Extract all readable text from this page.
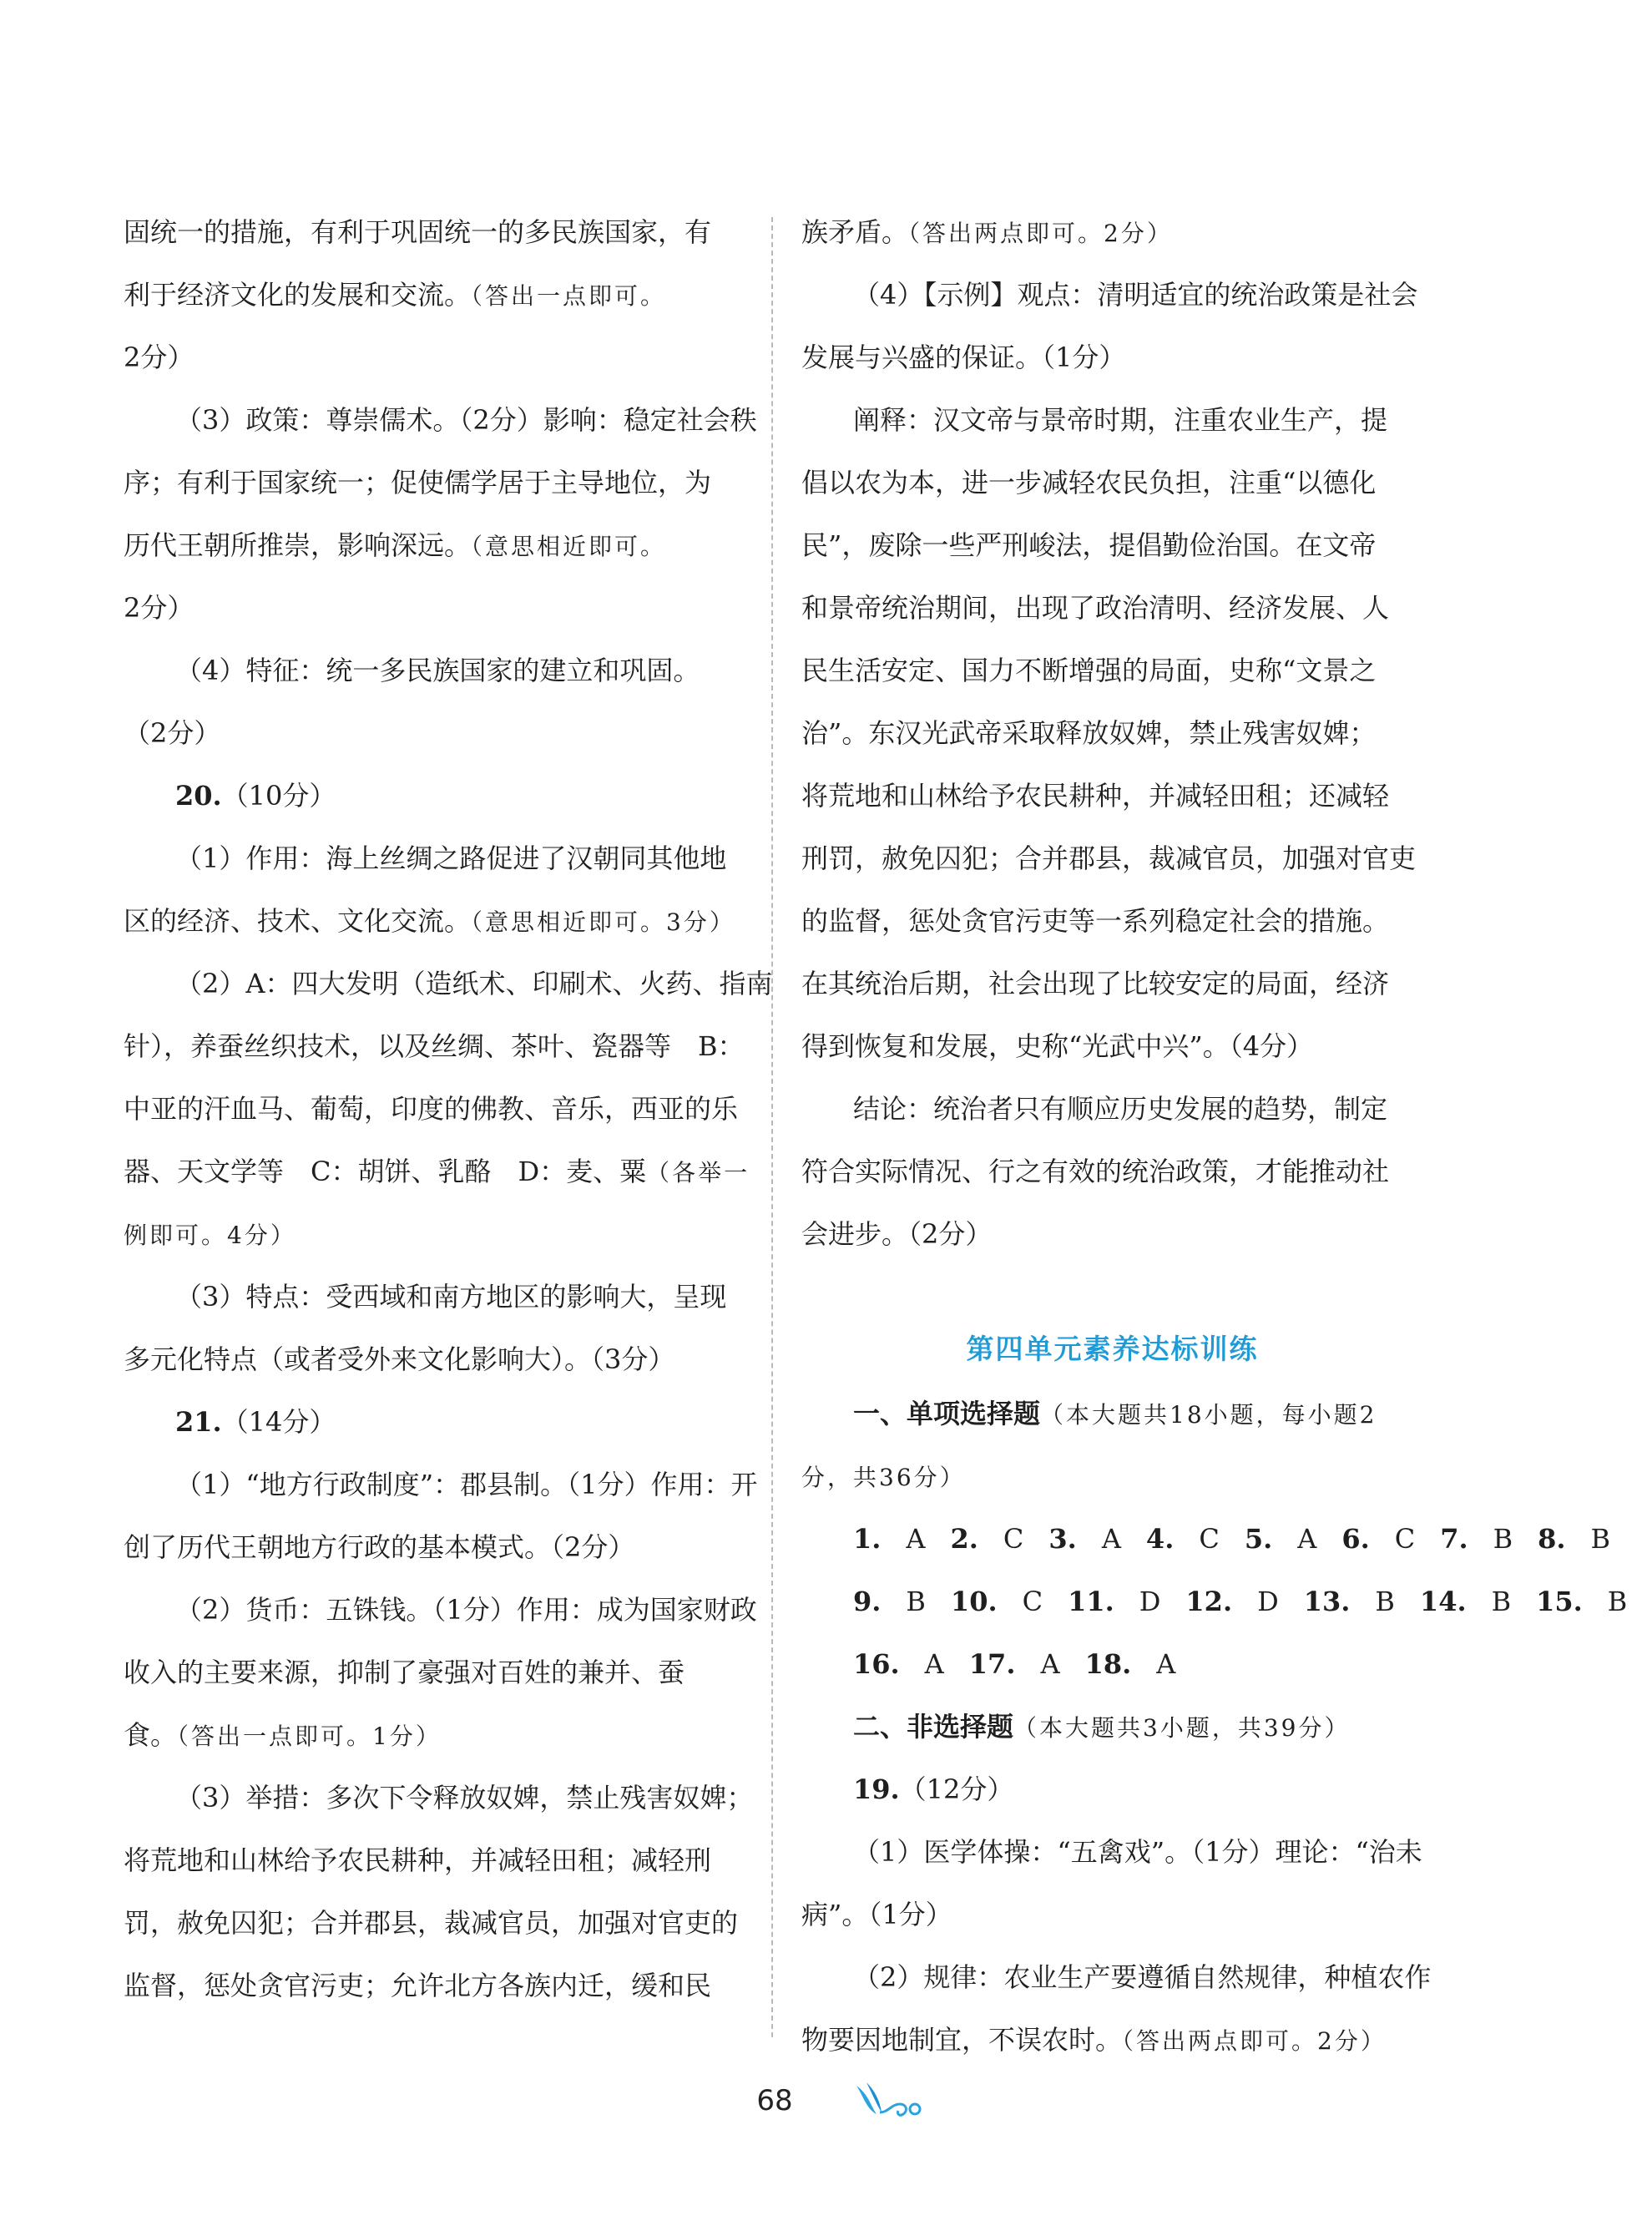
固统一的措施，有利于巩固统一的多民族国家，有
利于经济文化的发展和交流。（答出一点即可。
2分）
（3）政策：尊崇儒术。（2分）影响：稳定社会秩
序；有利于国家统一；促使儒学居于主导地位，为
历代王朝所推崇，影响深远。（意思相近即可。
2分）
（4）特征：统一多民族国家的建立和巩固。
（2分）
20.（10分）
（1）作用：海上丝绸之路促进了汉朝同其他地
区的经济、技术、文化交流。（意思相近即可。3分）
（2）A：四大发明（造纸术、印刷术、火药、指南
针），养蚕丝织技术，以及丝绸、茶叶、瓷器等　B：
中亚的汗血马、葡萄，印度的佛教、音乐，西亚的乐
器、天文学等　C：胡饼、乳酪　D：麦、粟（各举一
例即可。4分）
（3）特点：受西域和南方地区的影响大，呈现
多元化特点（或者受外来文化影响大）。（3分）
21.（14分）
（1）“地方行政制度”：郡县制。（1分）作用：开
创了历代王朝地方行政的基本模式。（2分）
（2）货币：五铢钱。（1分）作用：成为国家财政
收入的主要来源，抑制了豪强对百姓的兼并、蚕
食。（答出一点即可。1分）
（3）举措：多次下令释放奴婢，禁止残害奴婢；
将荒地和山林给予农民耕种，并减轻田租；减轻刑
罚，赦免囚犯；合并郡县，裁减官员，加强对官吏的
监督，惩处贪官污吏；允许北方各族内迁，缓和民
族矛盾。（答出两点即可。2分）
（4）【示例】观点：清明适宜的统治政策是社会
发展与兴盛的保证。（1分）
阐释：汉文帝与景帝时期，注重农业生产，提
倡以农为本，进一步减轻农民负担，注重“以德化
民”，废除一些严刑峻法，提倡勤俭治国。在文帝
和景帝统治期间，出现了政治清明、经济发展、人
民生活安定、国力不断增强的局面，史称“文景之
治”。东汉光武帝采取释放奴婢，禁止残害奴婢；
将荒地和山林给予农民耕种，并减轻田租；还减轻
刑罚，赦免囚犯；合并郡县，裁减官员，加强对官吏
的监督，惩处贪官污吏等一系列稳定社会的措施。
在其统治后期，社会出现了比较安定的局面，经济
得到恢复和发展，史称“光武中兴”。（4分）
结论：统治者只有顺应历史发展的趋势，制定
符合实际情况、行之有效的统治政策，才能推动社
会进步。（2分）
第四单元素养达标训练
一、单项选择题（本大题共18小题，每小题2
分，共36分）
1. A 2. C 3. A 4. C 5. A 6. C 7. B 8. B
9. B 10. C 11. D 12. D 13. B 14. B 15. B
16. A 17. A 18. A
二、非选择题（本大题共3小题，共39分）
19.（12分）
（1）医学体操：“五禽戏”。（1分）理论：“治未
病”。（1分）
（2）规律：农业生产要遵循自然规律，种植农作
物要因地制宜，不误农时。（答出两点即可。2分）
68
